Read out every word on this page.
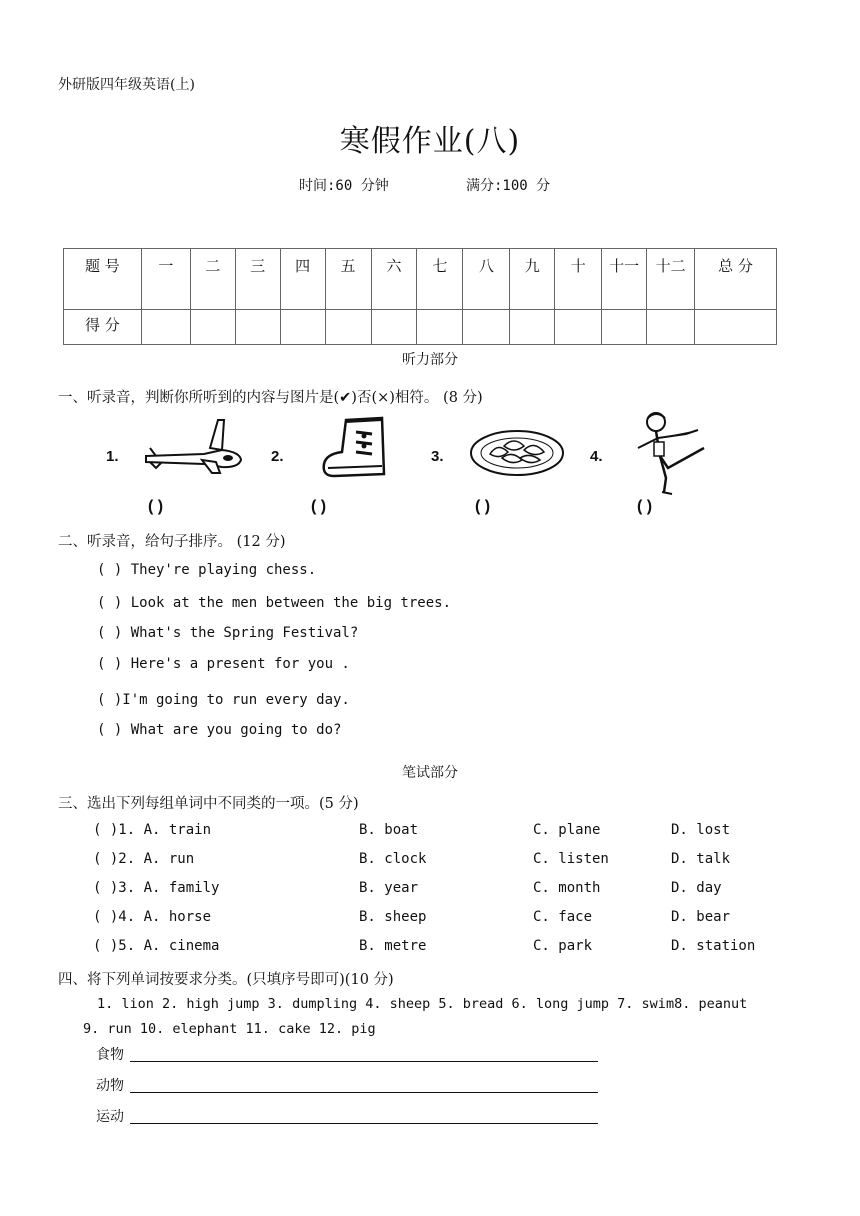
外研版四年级英语(上)
寒假作业(八)
时间:60 分钟	满分:100 分
题 号	一	二	三	四	五	六	七	八	九	十	十一	十二	总 分
得 分													
听力部分
一、听录音，判断你所听到的内容与图片是(✔)否(×)相符。 (8 分)
1.	2.	3.	4.
( )	( )	( )	( )
二、听录音，给句子排序。 (12 分)
( ) They're playing chess.
( ) Look at the men between the big trees.
( ) What's the Spring Festival?
( ) Here's a present for you .
( )I'm going to run every day.
( ) What are you going to do?
笔试部分
三、选出下列每组单词中不同类的一项。(5 分)
( )1. A. train	B. boat	C. plane	D. lost
( )2. A. run	B. clock	C. listen	D. talk
( )3. A. family	B. year	C. month	D. day
( )4. A. horse	B. sheep	C. face	D. bear
( )5. A. cinema	B. metre	C. park	D. station
四、将下列单词按要求分类。(只填序号即可)(10 分)
1. lion 2. high jump 3. dumpling 4. sheep 5. bread 6. long jump 7. swim8. peanut
9. run 10. elephant 11. cake 12. pig
食物
动物
运动
